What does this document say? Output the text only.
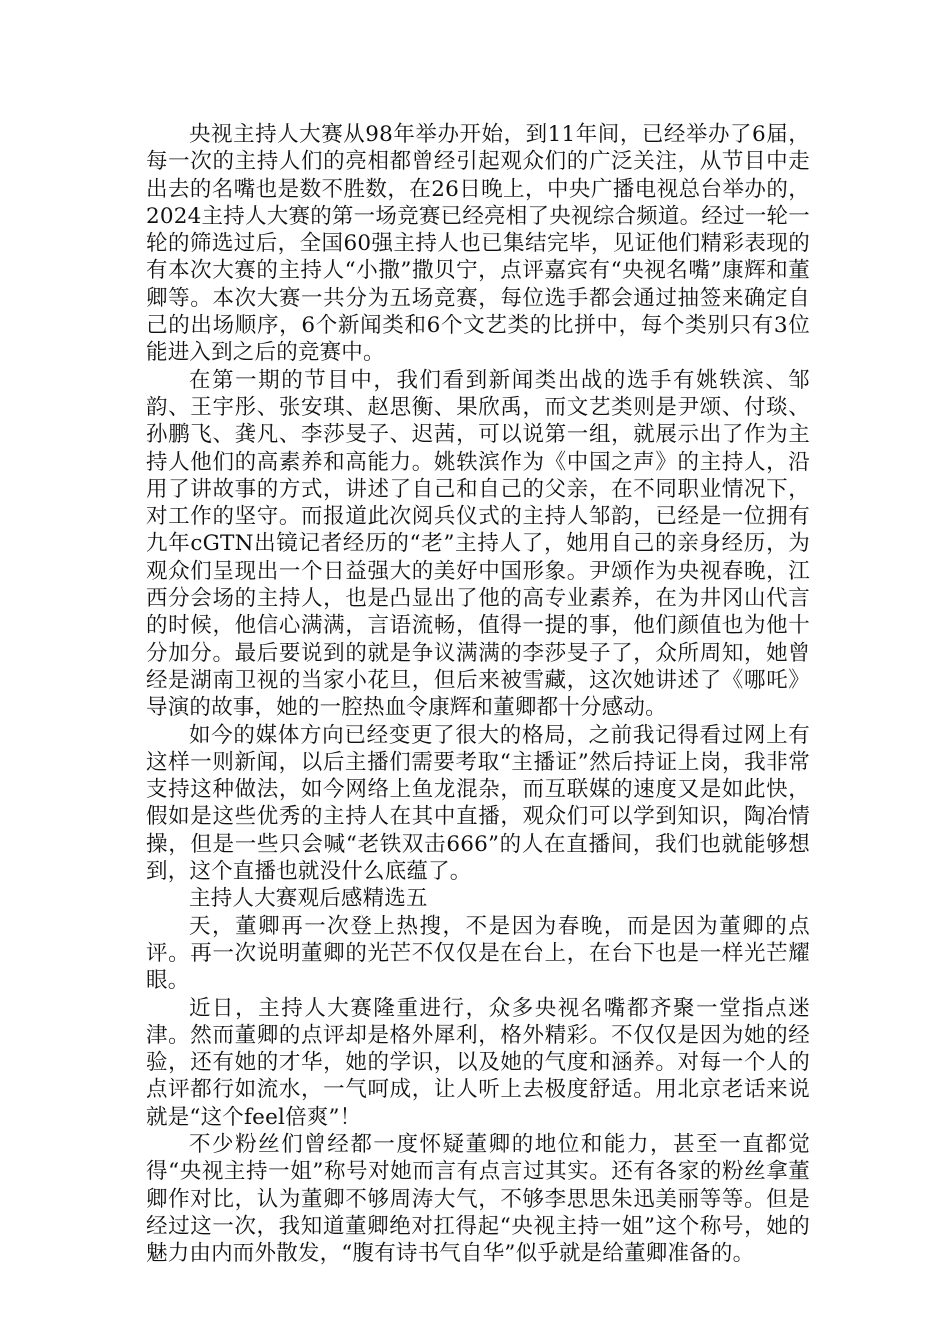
央视主持人大赛从98年举办开始，到11年间，已经举办了6届，每一次的主持人们的亮相都曾经引起观众们的广泛关注，从节目中走出去的名嘴也是数不胜数，在26日晚上，中央广播电视总台举办的，2024主持人大赛的第一场竞赛已经亮相了央视综合频道。经过一轮一轮的筛选过后，全国60强主持人也已集结完毕，见证他们精彩表现的有本次大赛的主持人“小撒”撒贝宁，点评嘉宾有“央视名嘴”康辉和董卿等。本次大赛一共分为五场竞赛，每位选手都会通过抽签来确定自己的出场顺序，6个新闻类和6个文艺类的比拼中，每个类别只有3位能进入到之后的竞赛中。

在第一期的节目中，我们看到新闻类出战的选手有姚轶滨、邹韵、王宇彤、张安琪、赵思衡、果欣禹，而文艺类则是尹颂、付琰、孙鹏飞、龚凡、李莎旻子、迟茜，可以说第一组，就展示出了作为主持人他们的高素养和高能力。姚轶滨作为《中国之声》的主持人，沿用了讲故事的方式，讲述了自己和自己的父亲，在不同职业情况下，对工作的坚守。而报道此次阅兵仪式的主持人邹韵，已经是一位拥有九年cGTN出镜记者经历的“老”主持人了，她用自己的亲身经历，为观众们呈现出一个日益强大的美好中国形象。尹颂作为央视春晚，江西分会场的主持人，也是凸显出了他的高专业素养，在为井冈山代言的时候，他信心满满，言语流畅，值得一提的事，他们颜值也为他十分加分。最后要说到的就是争议满满的李莎旻子了，众所周知，她曾经是湖南卫视的当家小花旦，但后来被雪藏，这次她讲述了《哪吒》导演的故事，她的一腔热血令康辉和董卿都十分感动。

如今的媒体方向已经变更了很大的格局，之前我记得看过网上有这样一则新闻，以后主播们需要考取“主播证”然后持证上岗，我非常支持这种做法，如今网络上鱼龙混杂，而互联媒的速度又是如此快，假如是这些优秀的主持人在其中直播，观众们可以学到知识，陶冶情操，但是一些只会喊“老铁双击666”的人在直播间，我们也就能够想到，这个直播也就没什么底蕴了。

主持人大赛观后感精选五

天，董卿再一次登上热搜，不是因为春晚，而是因为董卿的点评。再一次说明董卿的光芒不仅仅是在台上，在台下也是一样光芒耀眼。

近日，主持人大赛隆重进行，众多央视名嘴都齐聚一堂指点迷津。然而董卿的点评却是格外犀利，格外精彩。不仅仅是因为她的经验，还有她的才华，她的学识，以及她的气度和涵养。对每一个人的点评都行如流水，一气呵成，让人听上去极度舒适。用北京老话来说就是“这个feel倍爽”！

不少粉丝们曾经都一度怀疑董卿的地位和能力，甚至一直都觉得“央视主持一姐”称号对她而言有点言过其实。还有各家的粉丝拿董卿作对比，认为董卿不够周涛大气，不够李思思朱迅美丽等等。但是经过这一次，我知道董卿绝对扛得起“央视主持一姐”这个称号，她的魅力由内而外散发，“腹有诗书气自华”似乎就是给董卿准备的。
